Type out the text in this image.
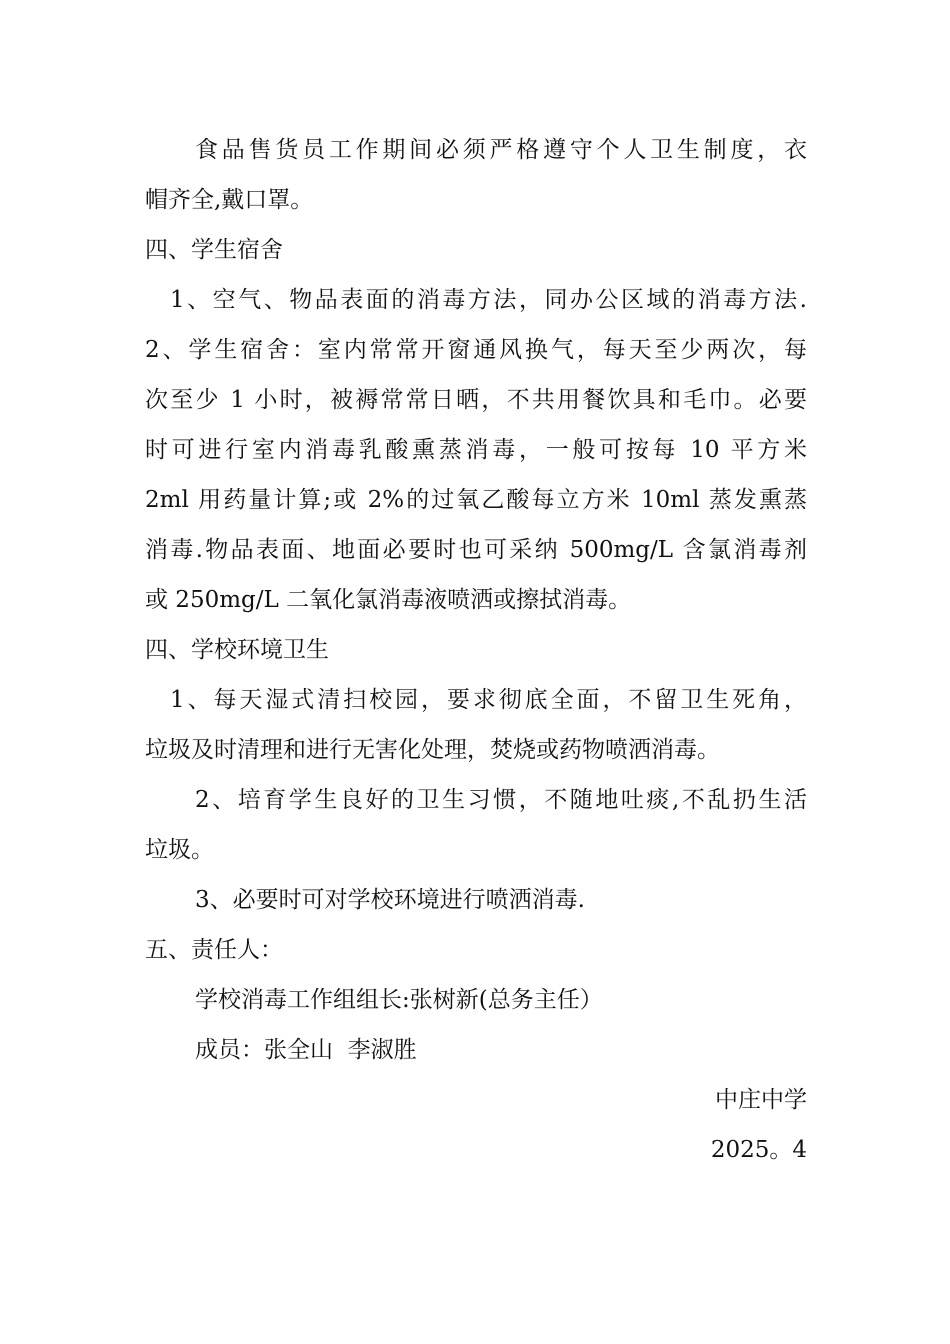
食品售货员工作期间必须严格遵守个人卫生制度，衣
帽齐全,戴口罩。
四、学生宿舍
1、空气、物品表面的消毒方法，同办公区域的消毒方法.
2、学生宿舍：室内常常开窗通风换气，每天至少两次，每
次至少 1 小时，被褥常常日晒，不共用餐饮具和毛巾。必要
时可进行室内消毒乳酸熏蒸消毒，一般可按每 10 平方米
2ml 用药量计算;或 2%的过氧乙酸每立方米 10ml 蒸发熏蒸
消毒.物品表面、地面必要时也可采纳 500mg/L 含氯消毒剂
或 250mg/L 二氧化氯消毒液喷洒或擦拭消毒。
四、学校环境卫生
1、每天湿式清扫校园，要求彻底全面，不留卫生死角，
垃圾及时清理和进行无害化处理，焚烧或药物喷洒消毒。
2、培育学生良好的卫生习惯，不随地吐痰,不乱扔生活
垃圾。
3、必要时可对学校环境进行喷洒消毒.
五、责任人：
学校消毒工作组组长:张树新(总务主任）
成员：张全山  李淑胜
中庄中学
2025。4
